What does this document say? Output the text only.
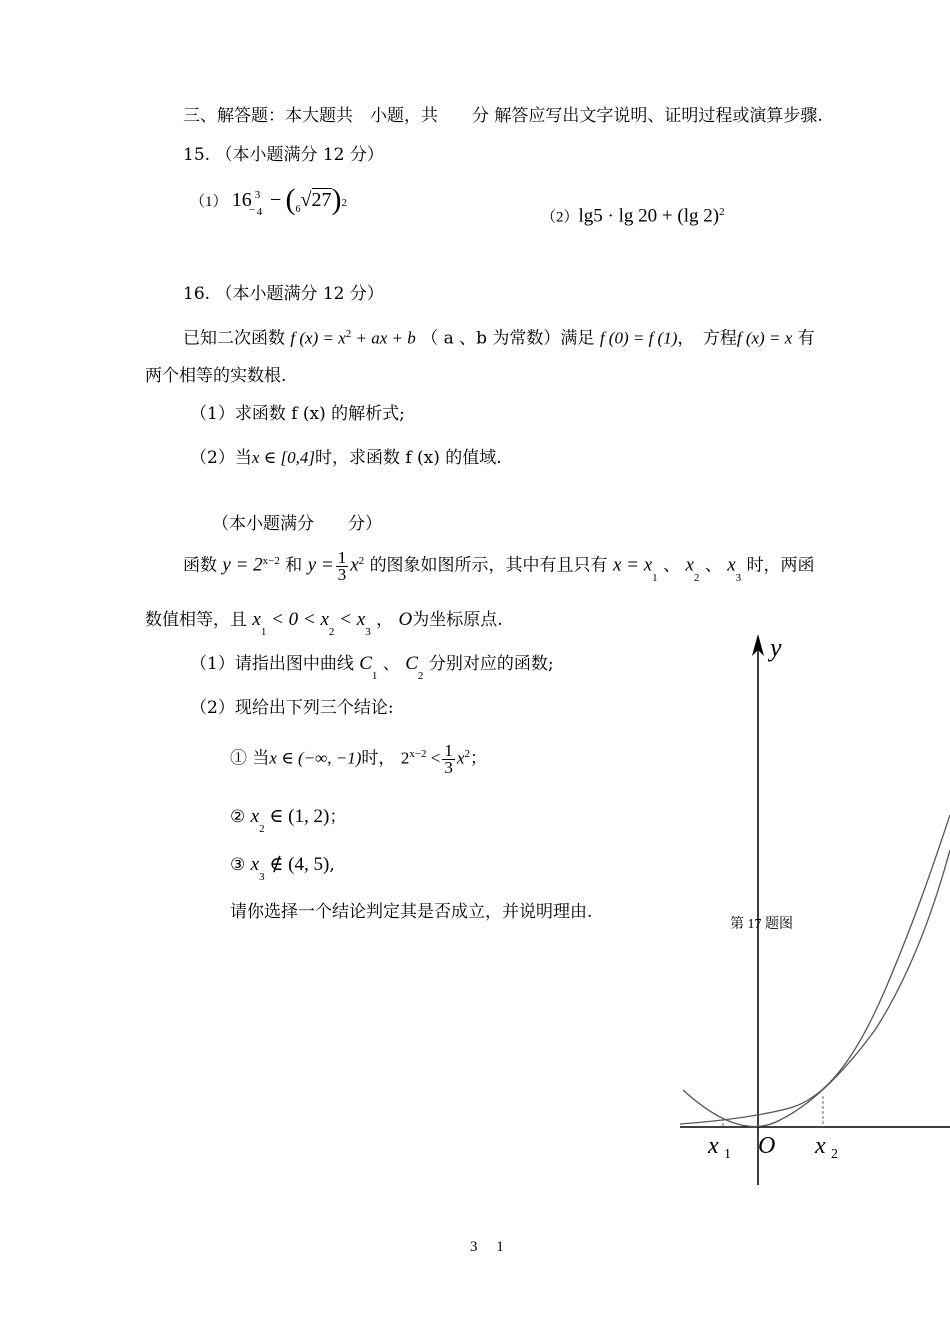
三、解答题：本大题共　小题，共　　分 解答应写出文字说明、证明过程或演算步骤.
15. （本小题满分 12 分）
（1） 16 3
− 4
− $(_6√27)2$
（2）lg5 · lg 20 + (lg 2)$^2$
16. （本小题满分 12 分）
已知二次函数 f $(x) = x^2$ + ax + b （ a 、b 为常数）满足 f (0) = f (1)，　方程f (x) = x 有
两个相等的实数根.
（1）求函数 f (x) 的解析式;
（2）当x ∈ [0,4]时，求函数 f (x) 的值域.
（本小题满分　　分）
函数 $y = 2^{x-2}$ 和 $y = \frac{1}{3} x^2$ 的图象如图所示，其中有且只有 $x = x_1$ 、 $x_2$ 、 $x_3$ 时，两函
数值相等，且 $x_1 < 0 < x_2 < x_3$ ， O为坐标原点.
（1）请指出图中曲线 $C_1$ 、 $C_2$ 分别对应的函数;
（2）现给出下列三个结论:
① 当x ∈ (−∞, −1)时， $2^{x-2} < \frac{1}{3} x^2$；
② $x_2$ ∈ (1, 2)；
③ $x_3$ ∉ (4, 5),
请你选择一个结论判定其是否成立，并说明理由.
y
第 17 题图
x 1 O x 2
3　 1
